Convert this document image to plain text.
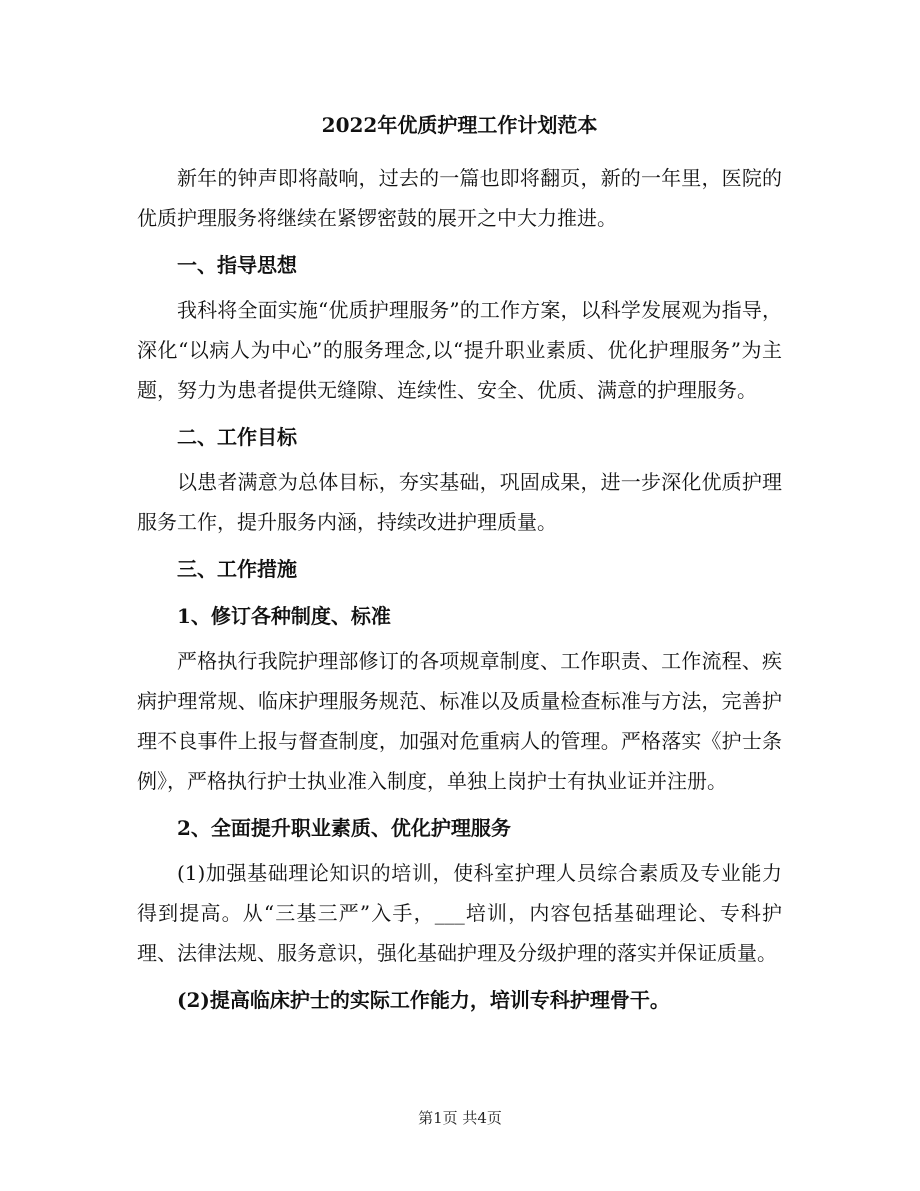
2022年优质护理工作计划范本

新年的钟声即将敲响，过去的一篇也即将翻页，新的一年里，医院的优质护理服务将继续在紧锣密鼓的展开之中大力推进。

一、指导思想

我科将全面实施“优质护理服务”的工作方案，以科学发展观为指导，深化“以病人为中心”的服务理念,以“提升职业素质、优化护理服务”为主题，努力为患者提供无缝隙、连续性、安全、优质、满意的护理服务。

二、工作目标

以患者满意为总体目标，夯实基础，巩固成果，进一步深化优质护理服务工作，提升服务内涵，持续改进护理质量。

三、工作措施
1、修订各种制度、标准

严格执行我院护理部修订的各项规章制度、工作职责、工作流程、疾病护理常规、临床护理服务规范、标准以及质量检查标准与方法，完善护理不良事件上报与督查制度，加强对危重病人的管理。严格落实《护士条例》，严格执行护士执业准入制度，单独上岗护士有执业证并注册。

2、全面提升职业素质、优化护理服务

(1)加强基础理论知识的培训，使科室护理人员综合素质及专业能力得到提高。从“三基三严”入手，___培训，内容包括基础理论、专科护理、法律法规、服务意识，强化基础护理及分级护理的落实并保证质量。

(2)提高临床护士的实际工作能力，培训专科护理骨干。
第1页 共4页
